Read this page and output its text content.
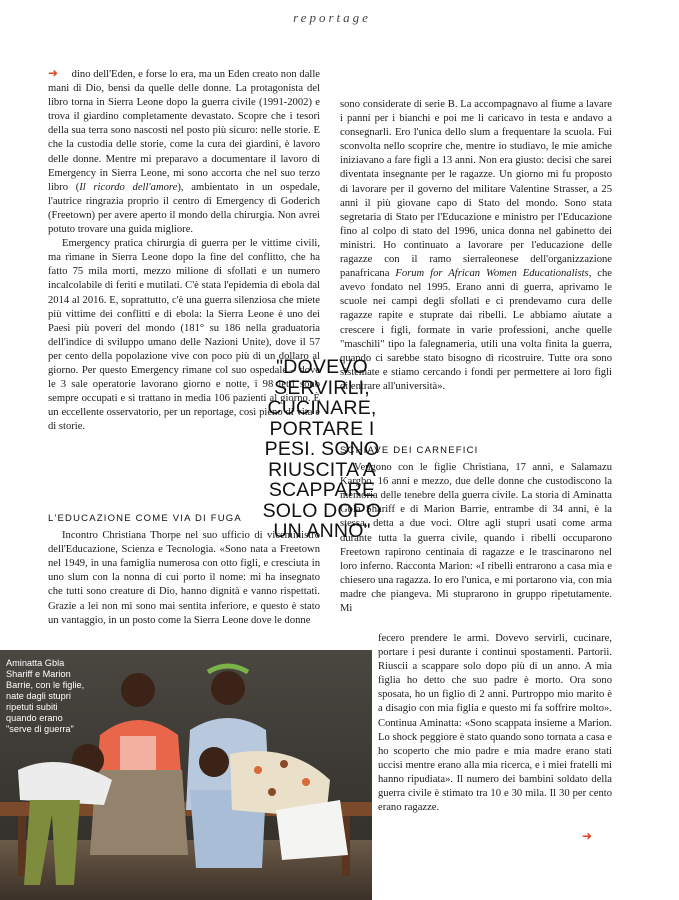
reportage

➜ dino dell'Eden, e forse lo era, ma un Eden creato non dalle mani di Dio, bensì da quelle delle donne. La protagonista del libro torna in Sierra Leone dopo la guerra civile (1991-2002) e trova il giardino completamente devastato. Scopre che i tesori della sua terra sono nascosti nel posto più sicuro: nelle storie. E che la custodia delle storie, come la cura dei giardini, è lavoro delle donne. Mentre mi preparavo a documentare il lavoro di Emergency in Sierra Leone, mi sono accorta che nel suo terzo libro (Il ricordo dell'amore), ambientato in un ospedale, l'autrice ringrazia proprio il centro di Emergency di Goderich (Freetown) per avere aperto il mondo della chirurgia. Non avrei potuto trovare una guida migliore.

Emergency pratica chirurgia di guerra per le vittime civili, ma rimane in Sierra Leone dopo la fine del conflitto, che ha fatto 75 mila morti, mezzo milione di sfollati e un numero incalcolabile di feriti e mutilati. C'è stata l'epidemia di ebola dal 2014 al 2016. E, soprattutto, c'è una guerra silenziosa che miete più vittime dei conflitti e di ebola: la Sierra Leone è uno dei Paesi più poveri del mondo (181° su 186 nella graduatoria dell'indice di sviluppo umano delle Nazioni Unite), dove il 57 per cento della popolazione vive con poco più di un dollaro al giorno. Per questo Emergency rimane col suo ospedale – dove le 3 sale operatorie lavorano giorno e notte, i 98 letti sono sempre occupati e si trattano in media 106 pazienti al giorno. È un eccellente osservatorio, per un reportage, così pieno di vita e di storie.

sono considerate di serie B. La accompagnavo al fiume a lavare i panni per i bianchi e poi me li caricavo in testa e andavo a consegnarli. Ero l'unica dello slum a frequentare la scuola. Fui sconvolta nello scoprire che, mentre io studiavo, le mie amiche iniziavano a fare figli a 13 anni. Non era giusto: decisi che sarei diventata insegnante per le ragazze. Un giorno mi fu proposto di lavorare per il governo del militare Valentine Strasser, a 25 anni il più giovane capo di Stato del mondo. Sono stata segretaria di Stato per l'Educazione e ministro per l'Educazione fino al colpo di stato del 1996, unica donna nel gabinetto dei ministri. Ho continuato a lavorare per l'educazione delle ragazze con il ramo sierraleonese dell'organizzazione panafricana Forum for African Women Educationalists, che avevo fondato nel 1995. Erano anni di guerra, aprivamo le scuole nei campi degli sfollati e ci prendevamo cura delle ragazze rapite e stuprate dai ribelli. Le abbiamo aiutate a crescere i figli, formate in varie professioni, anche quelle "maschili" tipo la falegnameria, utili una volta finita la guerra, quando ci sarebbe stato bisogno di ricostruire. Tutte ora sono sistemate e stiamo cercando i fondi per permettere ai loro figli di entrare all'università».

"DOVEVO SERVIRLI, CUCINARE, PORTARE I PESI. SONO RIUSCITA A SCAPPARE SOLO DOPO UN ANNO"
L'EDUCAZIONE COME VIA DI FUGA

Incontro Christiana Thorpe nel suo ufficio di viceministro dell'Educazione, Scienza e Tecnologia. «Sono nata a Freetown nel 1949, in una famiglia numerosa con otto figli, e cresciuta in uno slum con la nonna di cui porto il nome: mi ha insegnato che tutti sono creature di Dio, hanno dignità e vanno rispettati. Grazie a lei non mi sono mai sentita inferiore, e questo è stato un vantaggio, in un posto come la Sierra Leone dove le donne

SCHIAVE DEI CARNEFICI

Vengono con le figlie Christiana, 17 anni, e Salamazu Kargbo, 16 anni e mezzo, due delle donne che custodiscono la memoria delle tenebre della guerra civile. La storia di Aminatta Gbla Shariff e di Marion Barrie, entrambe di 34 anni, è la stessa, detta a due voci. Oltre agli stupri usati come arma durante tutta la guerra civile, quando i ribelli occuparono Freetown rapirono centinaia di ragazze e le trascinarono nel loro inferno. Racconta Marion: «I ribelli entrarono a casa mia e chiesero una ragazza. Io ero l'unica, e mi portarono via, con mia madre che piangeva. Mi stuprarono in gruppo ripetutamente. Mi

fecero prendere le armi. Dovevo servirli, cucinare, portare i pesi durante i continui spostamenti. Partorii. Riuscii a scappare solo dopo più di un anno. A mia figlia ho detto che suo padre è morto. Ora sono sposata, ho un figlio di 2 anni. Purtroppo mio marito è a disagio con mia figlia e questo mi fa soffrire molto». Continua Aminatta: «Sono scappata insieme a Marion. Lo shock peggiore è stato quando sono tornata a casa e ho scoperto che mio padre e mia madre erano stati uccisi mentre erano alla mia ricerca, e i miei fratelli mi hanno ripudiata». Il numero dei bambini soldato della guerra civile è stimato tra 10 e 30 mila. Il 30 per cento erano ragazze.

Aminatta Gbla Shariff e Marion Barrie, con le figlie, nate dagli stupri ripetuti subiti quando erano "serve di guerra"
➜
